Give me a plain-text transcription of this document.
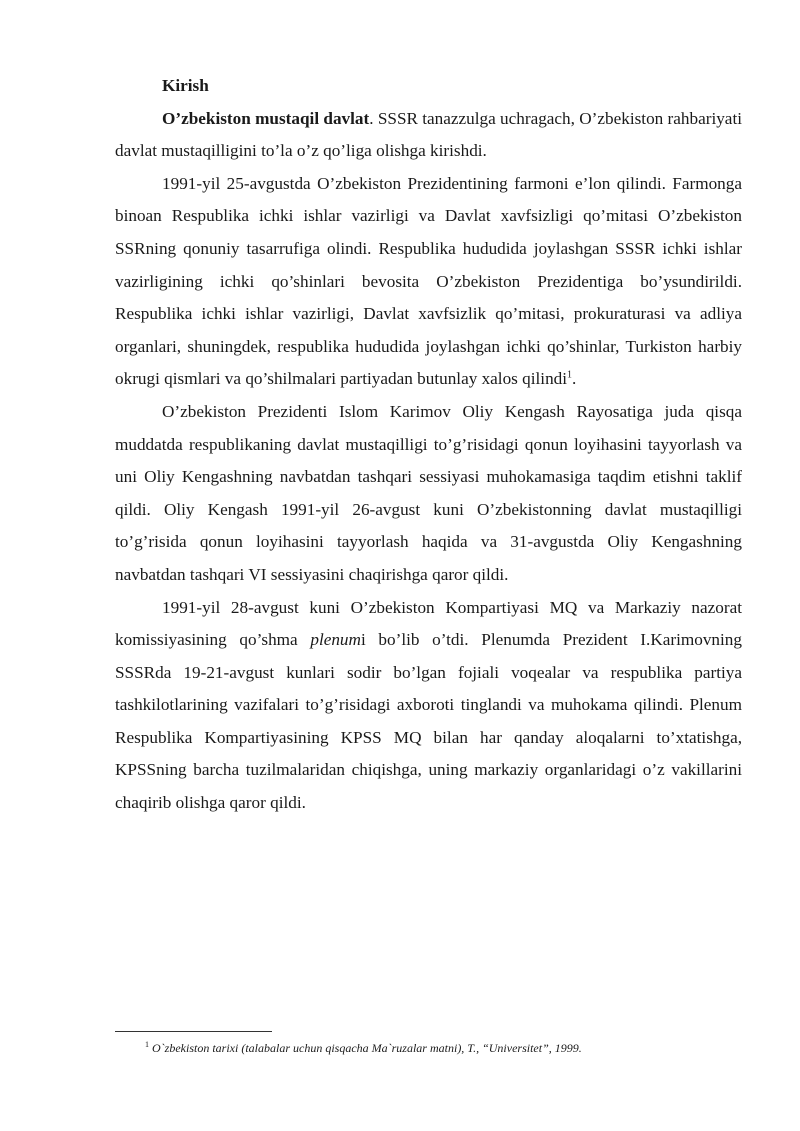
Kirish

O’zbekiston mustaqil davlat. SSSR tanazzulga uchragach, O’zbekiston rahbariyati davlat mustaqilligini to’la o’z qo’liga olishga kirishdi.

1991-yil 25-avgustda O’zbekiston Prezidentining farmoni e’lon qilindi. Farmonga binoan Respublika ichki ishlar vazirligi va Davlat xavfsizligi qo’mitasi O’zbekiston SSRning qonuniy tasarrufiga olindi. Respublika hududida joylashgan SSSR ichki ishlar vazirligining ichki qo’shinlari bevosita O’zbekiston Prezidentiga bo’ysundirildi. Respublika ichki ishlar vazirligi, Davlat xavfsizlik qo’mitasi, prokuraturasi va adliya organlari, shuningdek, respublika hududida joylashgan ichki qo’shinlar, Turkiston harbiy okrugi qismlari va qo’shilmalari partiyadan butunlay xalos qilindi$^1$.

O’zbekiston Prezidenti Islom Karimov Oliy Kengash Rayosatiga juda qisqa muddatda respublikaning davlat mustaqilligi to’g’risidagi qonun loyihasini tayyorlash va uni Oliy Kengashning navbatdan tashqari sessiyasi muhokamasiga taqdim etishni taklif qildi. Oliy Kengash 1991-yil 26-avgust kuni O’zbekistonning davlat mustaqilligi to’g’risida qonun loyihasini tayyorlash haqida va 31-avgustda Oliy Kengashning navbatdan tashqari VI sessiyasini chaqirishga qaror qildi.

1991-yil 28-avgust kuni O’zbekiston Kompartiyasi MQ va Markaziy nazorat komissiyasining qo’shma plenumi bo’lib o’tdi. Plenumda Prezident I.Karimovning SSSRda 19-21-avgust kunlari sodir bo’lgan fojiali voqealar va respublika partiya tashkilotlarining vazifalari to’g’risidagi axboroti tinglandi va muhokama qilindi. Plenum Respublika Kompartiyasining KPSS MQ bilan har qanday aloqalarni to’xtatishga, KPSSning barcha tuzilmalaridan chiqishga, uning markaziy organlaridagi o’z vakillarini chaqirib olishga qaror qildi.

$^1$ O`zbekiston tarixi (talabalar uchun qisqacha Ma`ruzalar matni), T., “Universitet”, 1999.
